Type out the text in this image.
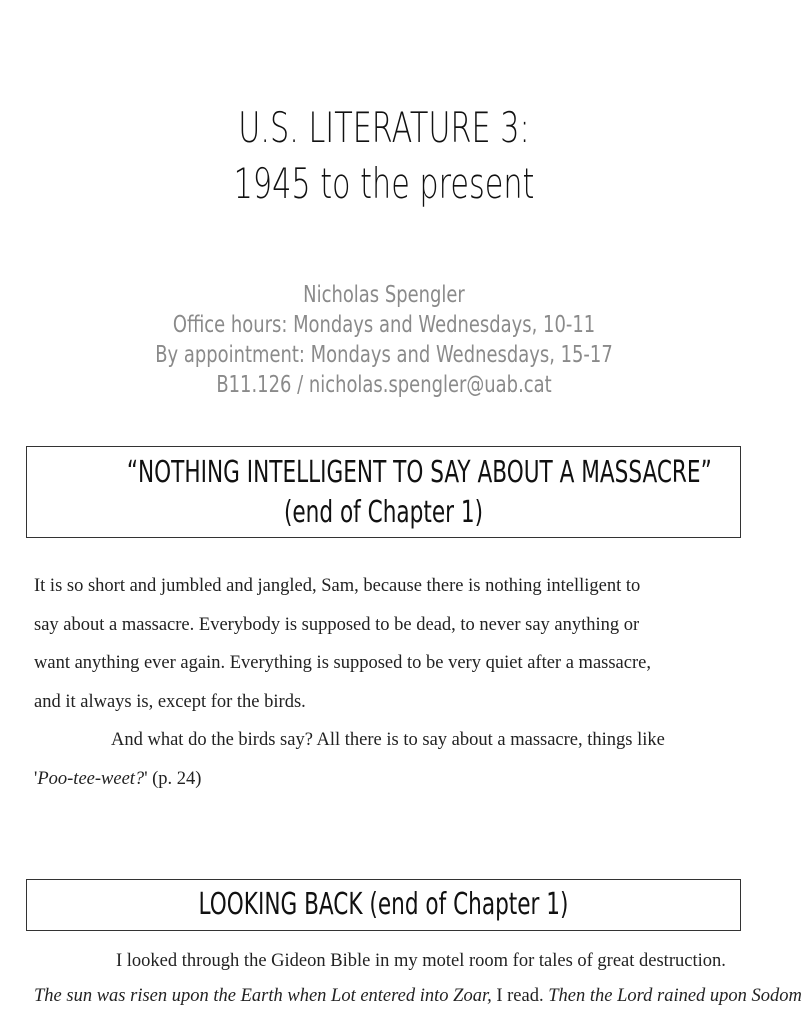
U.S. LITERATURE 3:
1945 to the present
Nicholas Spengler
Office hours: Mondays and Wednesdays, 10-11
By appointment: Mondays and Wednesdays, 15-17
B11.126 / nicholas.spengler@uab.cat
“NOTHING INTELLIGENT TO SAY ABOUT A MASSACRE”
(end of Chapter 1)
It is so short and jumbled and jangled, Sam, because there is nothing intelligent to
say about a massacre. Everybody is supposed to be dead, to never say anything or
want anything ever again. Everything is supposed to be very quiet after a massacre,
and it always is, except for the birds.
And what do the birds say? All there is to say about a massacre, things like
'Poo-tee-weet?' (p. 24)
LOOKING BACK (end of Chapter 1)
I looked through the Gideon Bible in my motel room for tales of great destruction.
The sun was risen upon the Earth when Lot entered into Zoar, I read. Then the Lord rained upon Sodom
